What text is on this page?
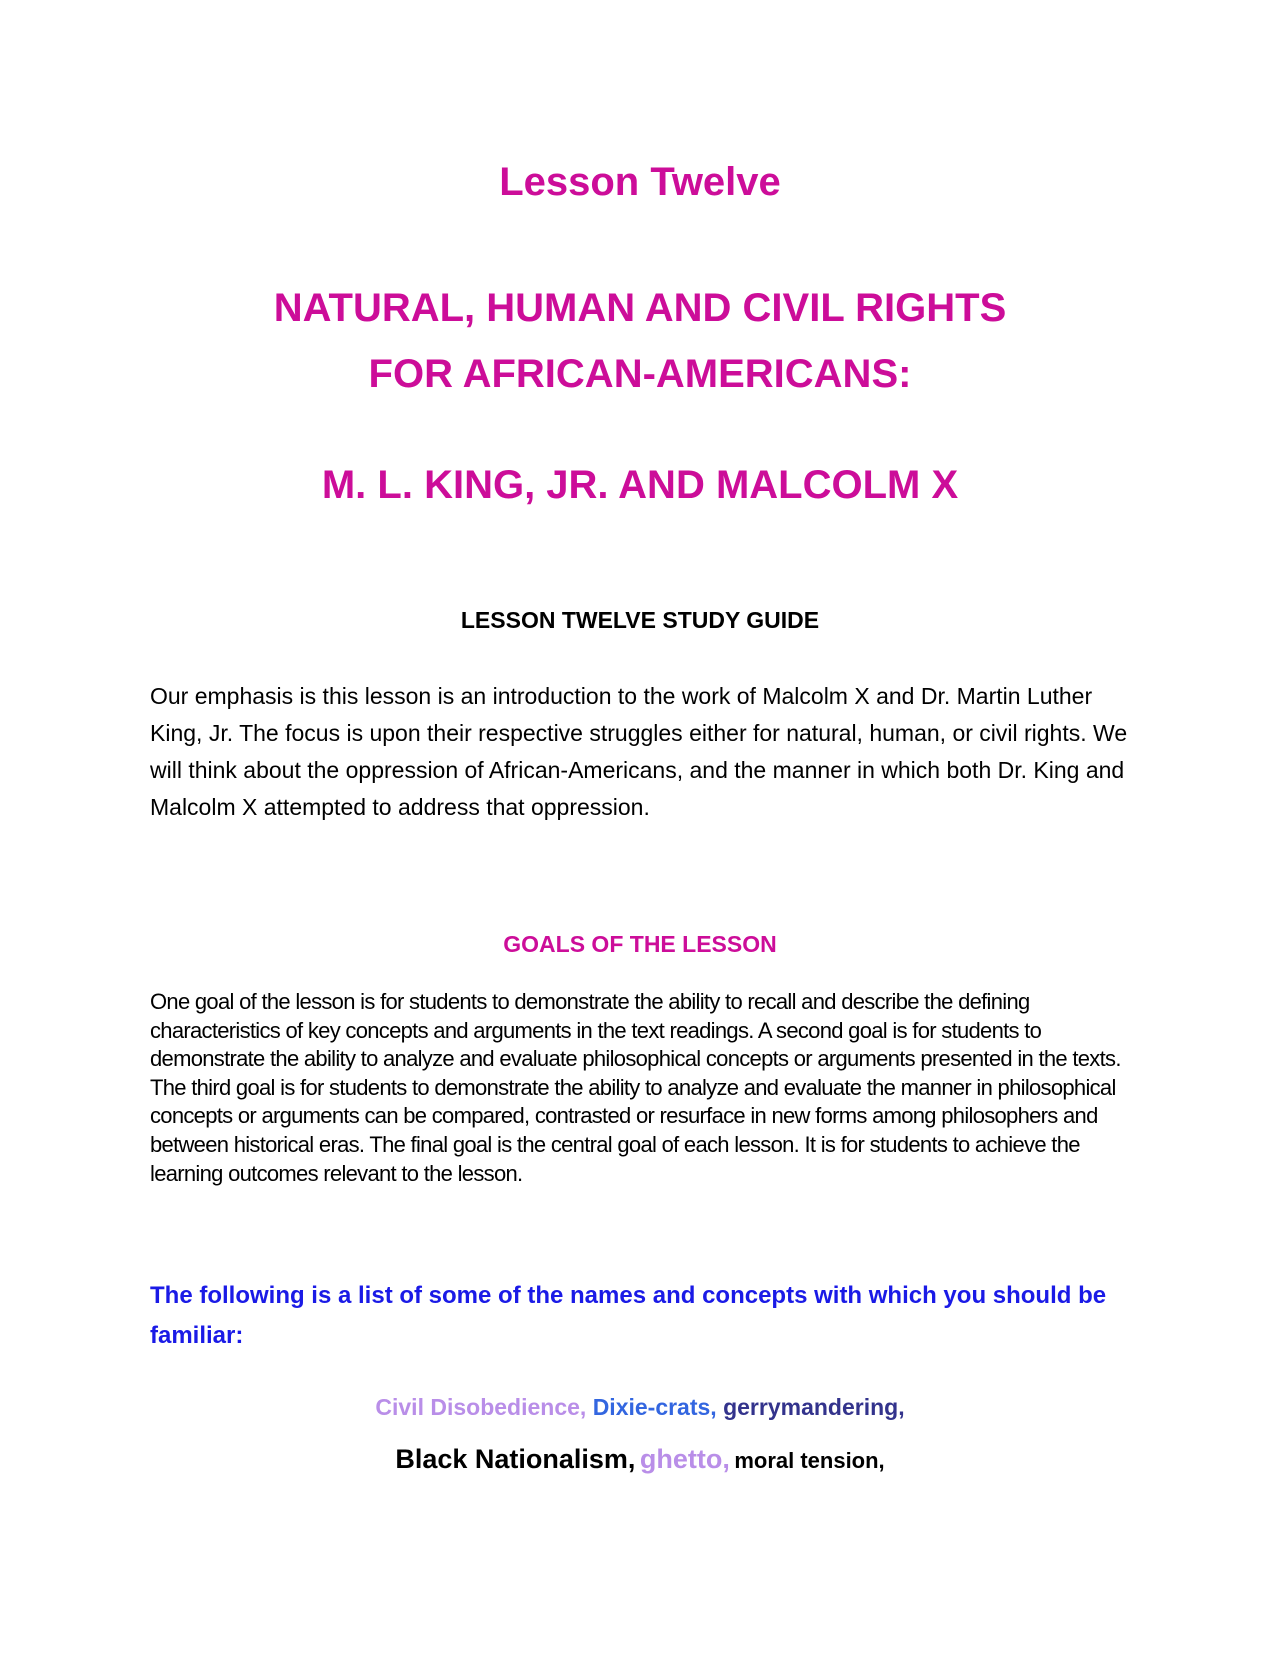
Lesson Twelve
NATURAL, HUMAN AND CIVIL RIGHTS
FOR AFRICAN-AMERICANS:
M. L. KING, JR. AND MALCOLM X
LESSON TWELVE STUDY GUIDE
Our emphasis is this lesson is an introduction to the work of Malcolm X and Dr. Martin Luther King, Jr. The focus is upon their respective struggles either for natural, human, or civil rights. We will think about the oppression of African-Americans, and the manner in which both Dr. King and Malcolm X attempted to address that oppression.
GOALS OF THE LESSON
One goal of the lesson is for students to demonstrate the ability to recall and describe the defining characteristics of key concepts and arguments in the text readings. A second goal is for students to demonstrate the ability to analyze and evaluate philosophical concepts or arguments presented in the texts. The third goal is for students to demonstrate the ability to analyze and evaluate the manner in philosophical concepts or arguments can be compared, contrasted or resurface in new forms among philosophers and between historical eras. The final goal is the central goal of each lesson. It is for students to achieve the learning outcomes relevant to the lesson.
The following is a list of some of the names and concepts with which you should be familiar:
Civil Disobedience, Dixie-crats, gerrymandering,
Black Nationalism, ghetto, moral tension,
